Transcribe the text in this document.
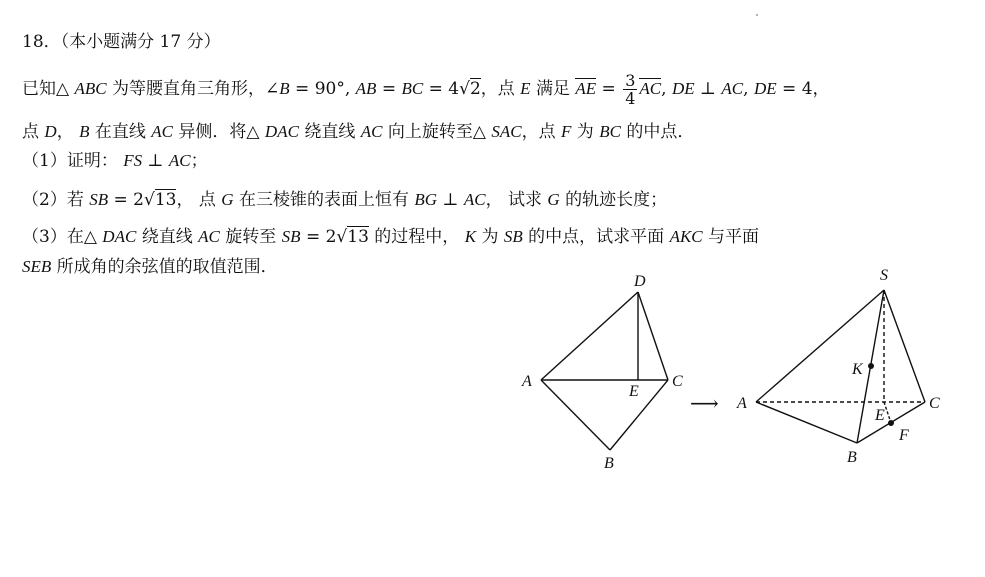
18．（本小题满分 17 分）
已知△ ABC 为等腰直角三角形，∠B = 90°, AB = BC = 4√2，点 E 满足 AE = $\frac{3}{4}$ AC, DE ⊥ AC, DE = 4，
点 D， B 在直线 AC 异侧．将△ DAC 绕直线 AC 向上旋转至△ SAC，点 F 为 BC 的中点．
（1）证明： FS ⊥ AC；
（2）若 SB = 2√13， 点 G 在三棱锥的表面上恒有 BG ⊥ AC， 试求 G 的轨迹长度；
（3）在△ DAC 绕直线 AC 旋转至 SB = 2√13 的过程中， K 为 SB 的中点，试求平面 AKC 与平面
SEB 所成角的余弦值的取值范围．
D
A
E
C
B
⟶
S
K
A	C
E
F
B
